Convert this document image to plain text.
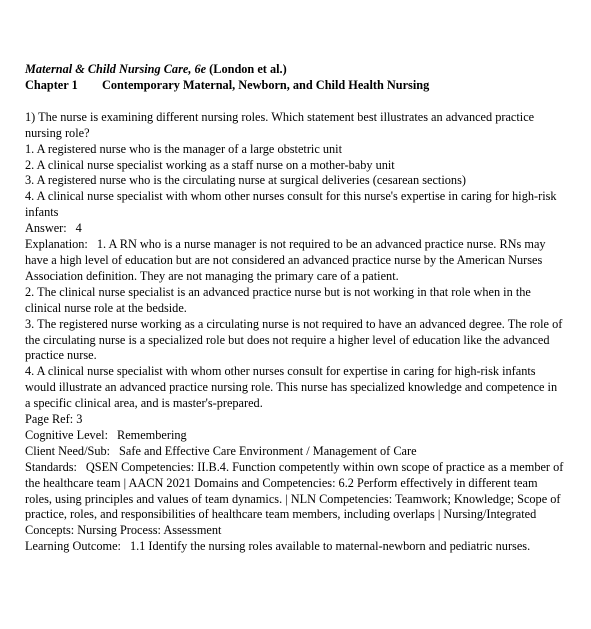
Maternal & Child Nursing Care, 6e (London et al.)
Chapter 1 Contemporary Maternal, Newborn, and Child Health Nursing

1) The nurse is examining different nursing roles. Which statement best illustrates an advanced practice nursing role?

1. A registered nurse who is the manager of a large obstetric unit

2. A clinical nurse specialist working as a staff nurse on a mother-baby unit

3. A registered nurse who is the circulating nurse at surgical deliveries (cesarean sections)

4. A clinical nurse specialist with whom other nurses consult for this nurse's expertise in caring for high-risk infants

Answer: 4

Explanation: 1. A RN who is a nurse manager is not required to be an advanced practice nurse. RNs may have a high level of education but are not considered an advanced practice nurse by the American Nurses Association definition. They are not managing the primary care of a patient.

2. The clinical nurse specialist is an advanced practice nurse but is not working in that role when in the clinical nurse role at the bedside.

3. The registered nurse working as a circulating nurse is not required to have an advanced degree. The role of the circulating nurse is a specialized role but does not require a higher level of education like the advanced practice nurse.

4. A clinical nurse specialist with whom other nurses consult for expertise in caring for high-risk infants would illustrate an advanced practice nursing role. This nurse has specialized knowledge and competence in a specific clinical area, and is master's-prepared.

Page Ref: 3

Cognitive Level: Remembering

Client Need/Sub: Safe and Effective Care Environment / Management of Care

Standards: QSEN Competencies: II.B.4. Function competently within own scope of practice as a member of the healthcare team | AACN 2021 Domains and Competencies: 6.2 Perform effectively in different team roles, using principles and values of team dynamics. | NLN Competencies: Teamwork; Knowledge; Scope of practice, roles, and responsibilities of healthcare team members, including overlaps | Nursing/Integrated Concepts: Nursing Process: Assessment

Learning Outcome: 1.1 Identify the nursing roles available to maternal-newborn and pediatric nurses.
